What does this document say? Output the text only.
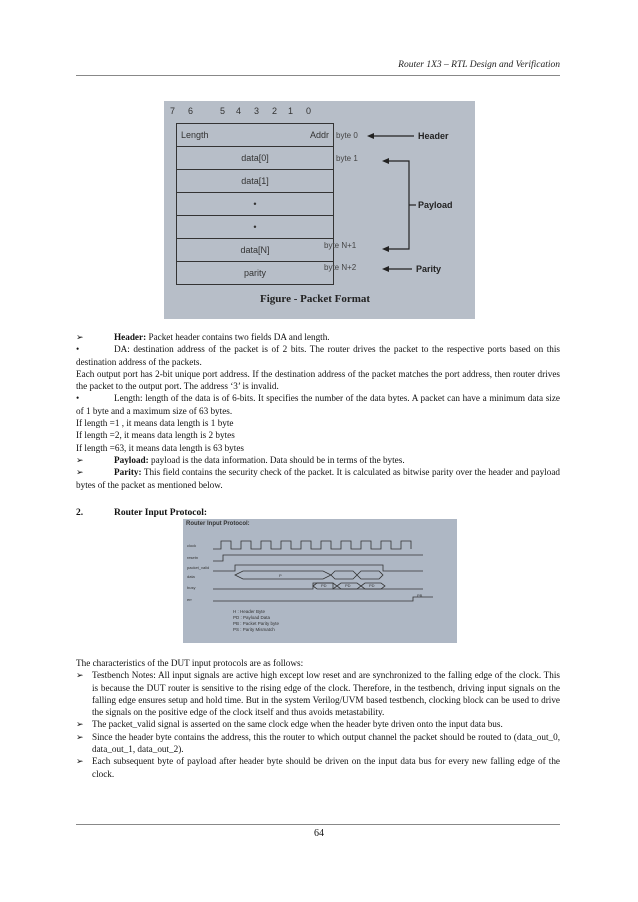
Router 1X3 – RTL Design and Verification
7 6	5 4 3 2 1 0
Length	Addr
data[0]
data[1]
•
•
data[N]
parity
byte 0
byte 1
byte N+1
byte N+2
Header
Payload
Parity
Figure - Packet Format
➢	Header: Packet header contains two fields DA and length.
•	DA: destination address of the packet is of 2 bits. The router drives the packet to the respective ports based on this destination address of the packets.
Each output port has 2-bit unique port address. If the destination address of the packet matches the port address, then router drives the packet to the output port. The address ‘3’ is invalid.
•	Length: length of the data is of 6-bits. It specifies the number of the data bytes. A packet can have a minimum data size of 1 byte and a maximum size of 63 bytes.
If length =1 , it means data length is 1 byte
If length =2, it means data length is 2 bytes
If length =63, it means data length is 63 bytes
➢	Payload: payload is the data information. Data should be in terms of the bytes.
➢	Parity: This field contains the security check of the packet. It is calculated as bitwise parity over the header and payload bytes of the packet as mentioned below.
2.	Router Input Protocol:
Router Input Protocol:
clock
resetn
packet_valid
data
busy
err
PD	PD
P
PD
PB
H : Header Byte
PD : Payload Data
PB : Packet Parity byte
PS : Parity Mismatch
The characteristics of the DUT input protocols are as follows:
➢ Testbench Notes: All input signals are active high except low reset and are synchronized to the falling edge of the clock. This is because the DUT router is sensitive to the rising edge of the clock. Therefore, in the testbench, driving input signals on the falling edge ensures setup and hold time. But in the system Verilog/UVM based testbench, clocking block can be used to drive the signals on the positive edge of the clock itself and thus avoids metastability.
➢ The packet_valid signal is asserted on the same clock edge when the header byte driven onto the input data bus.
➢ Since the header byte contains the address, this the router to which output channel the packet should be routed to (data_out_0, data_out_1, data_out_2).
➢ Each subsequent byte of payload after header byte should be driven on the input data bus for every new falling edge of the clock.
64
